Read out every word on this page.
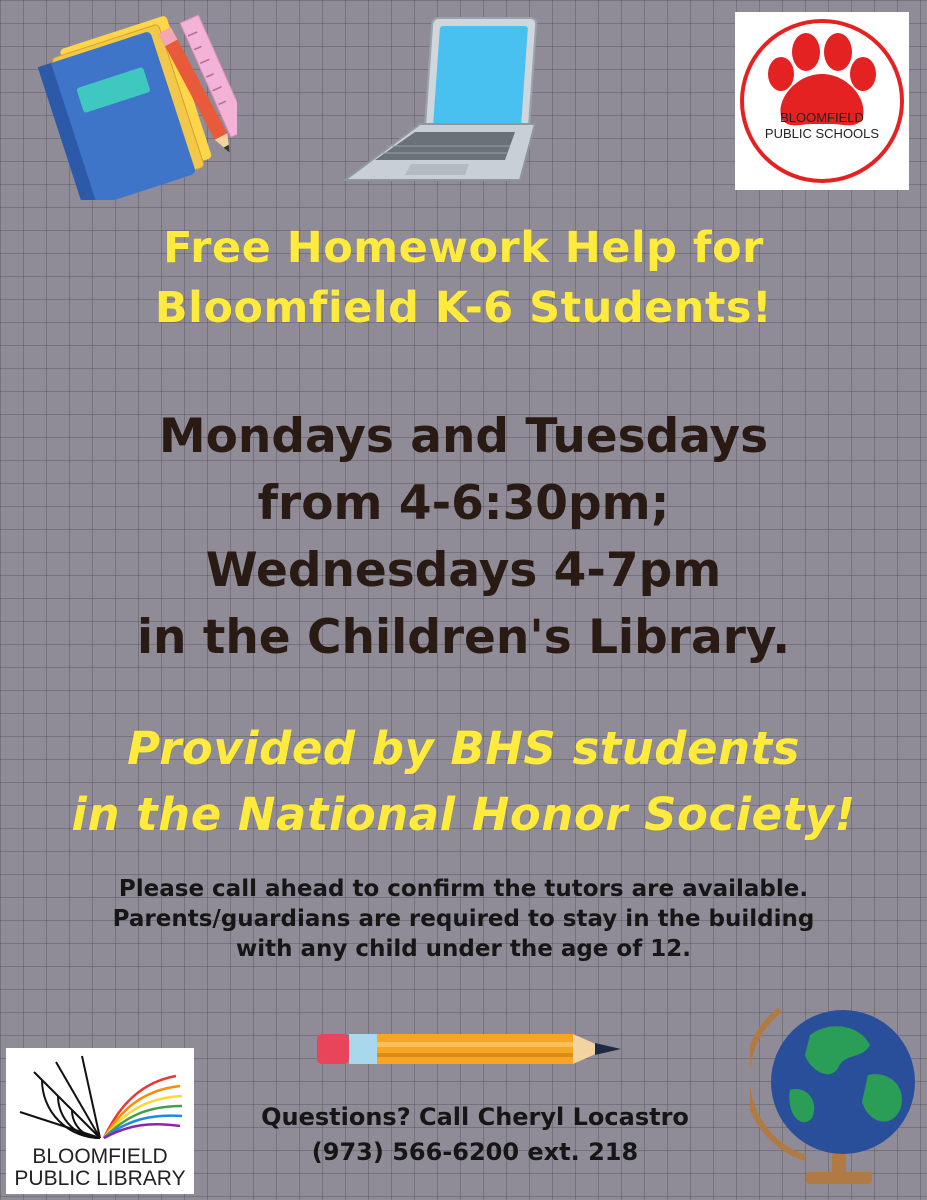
BLOOMFIELD
PUBLIC SCHOOLS
Free Homework Help for
Bloomfield K-6 Students!
Mondays and Tuesdays
from 4-6:30pm;
Wednesdays 4-7pm
in the Children's Library.
Provided by BHS students
in the National Honor Society!
Please call ahead to confirm the tutors are available.
Parents/guardians are required to stay in the building
with any child under the age of 12.
BLOOMFIELD
PUBLIC LIBRARY
Questions? Call Cheryl Locastro
(973) 566-6200 ext. 218
